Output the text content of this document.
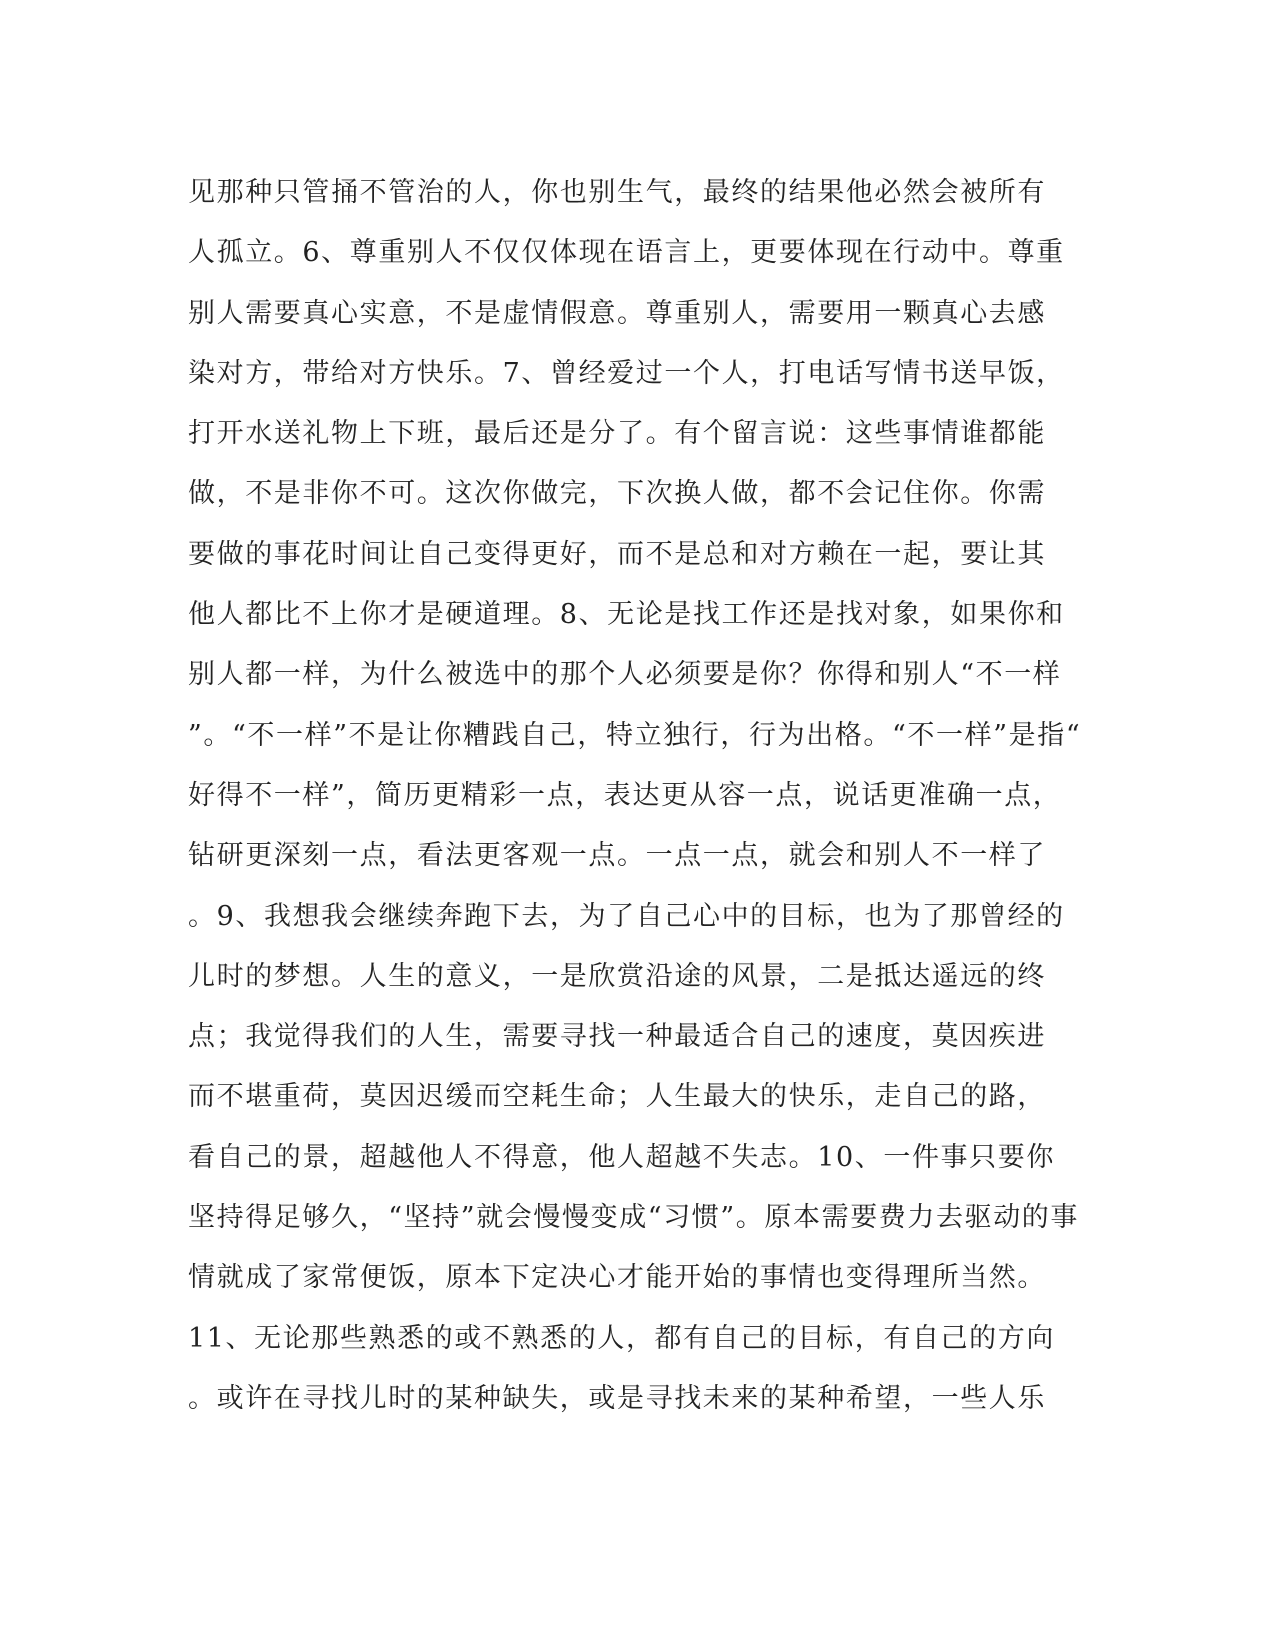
见那种只管捅不管治的人，你也别生气，最终的结果他必然会被所有
人孤立。6、尊重别人不仅仅体现在语言上，更要体现在行动中。尊重
别人需要真心实意，不是虚情假意。尊重别人，需要用一颗真心去感
染对方，带给对方快乐。7、曾经爱过一个人，打电话写情书送早饭，
打开水送礼物上下班，最后还是分了。有个留言说：这些事情谁都能
做，不是非你不可。这次你做完，下次换人做，都不会记住你。你需
要做的事花时间让自己变得更好，而不是总和对方赖在一起，要让其
他人都比不上你才是硬道理。8、无论是找工作还是找对象，如果你和
别人都一样，为什么被选中的那个人必须要是你？你得和别人“不一样
”。“不一样”不是让你糟践自己，特立独行，行为出格。“不一样”是指“
好得不一样”，简历更精彩一点，表达更从容一点，说话更准确一点，
钻研更深刻一点，看法更客观一点。一点一点，就会和别人不一样了
。9、我想我会继续奔跑下去，为了自己心中的目标，也为了那曾经的
儿时的梦想。人生的意义，一是欣赏沿途的风景，二是抵达遥远的终
点；我觉得我们的人生，需要寻找一种最适合自己的速度，莫因疾进
而不堪重荷，莫因迟缓而空耗生命；人生最大的快乐，走自己的路，
看自己的景，超越他人不得意，他人超越不失志。10、一件事只要你
坚持得足够久，“坚持”就会慢慢变成“习惯”。原本需要费力去驱动的事
情就成了家常便饭，原本下定决心才能开始的事情也变得理所当然。
11、无论那些熟悉的或不熟悉的人，都有自己的目标，有自己的方向
。或许在寻找儿时的某种缺失，或是寻找未来的某种希望，一些人乐
